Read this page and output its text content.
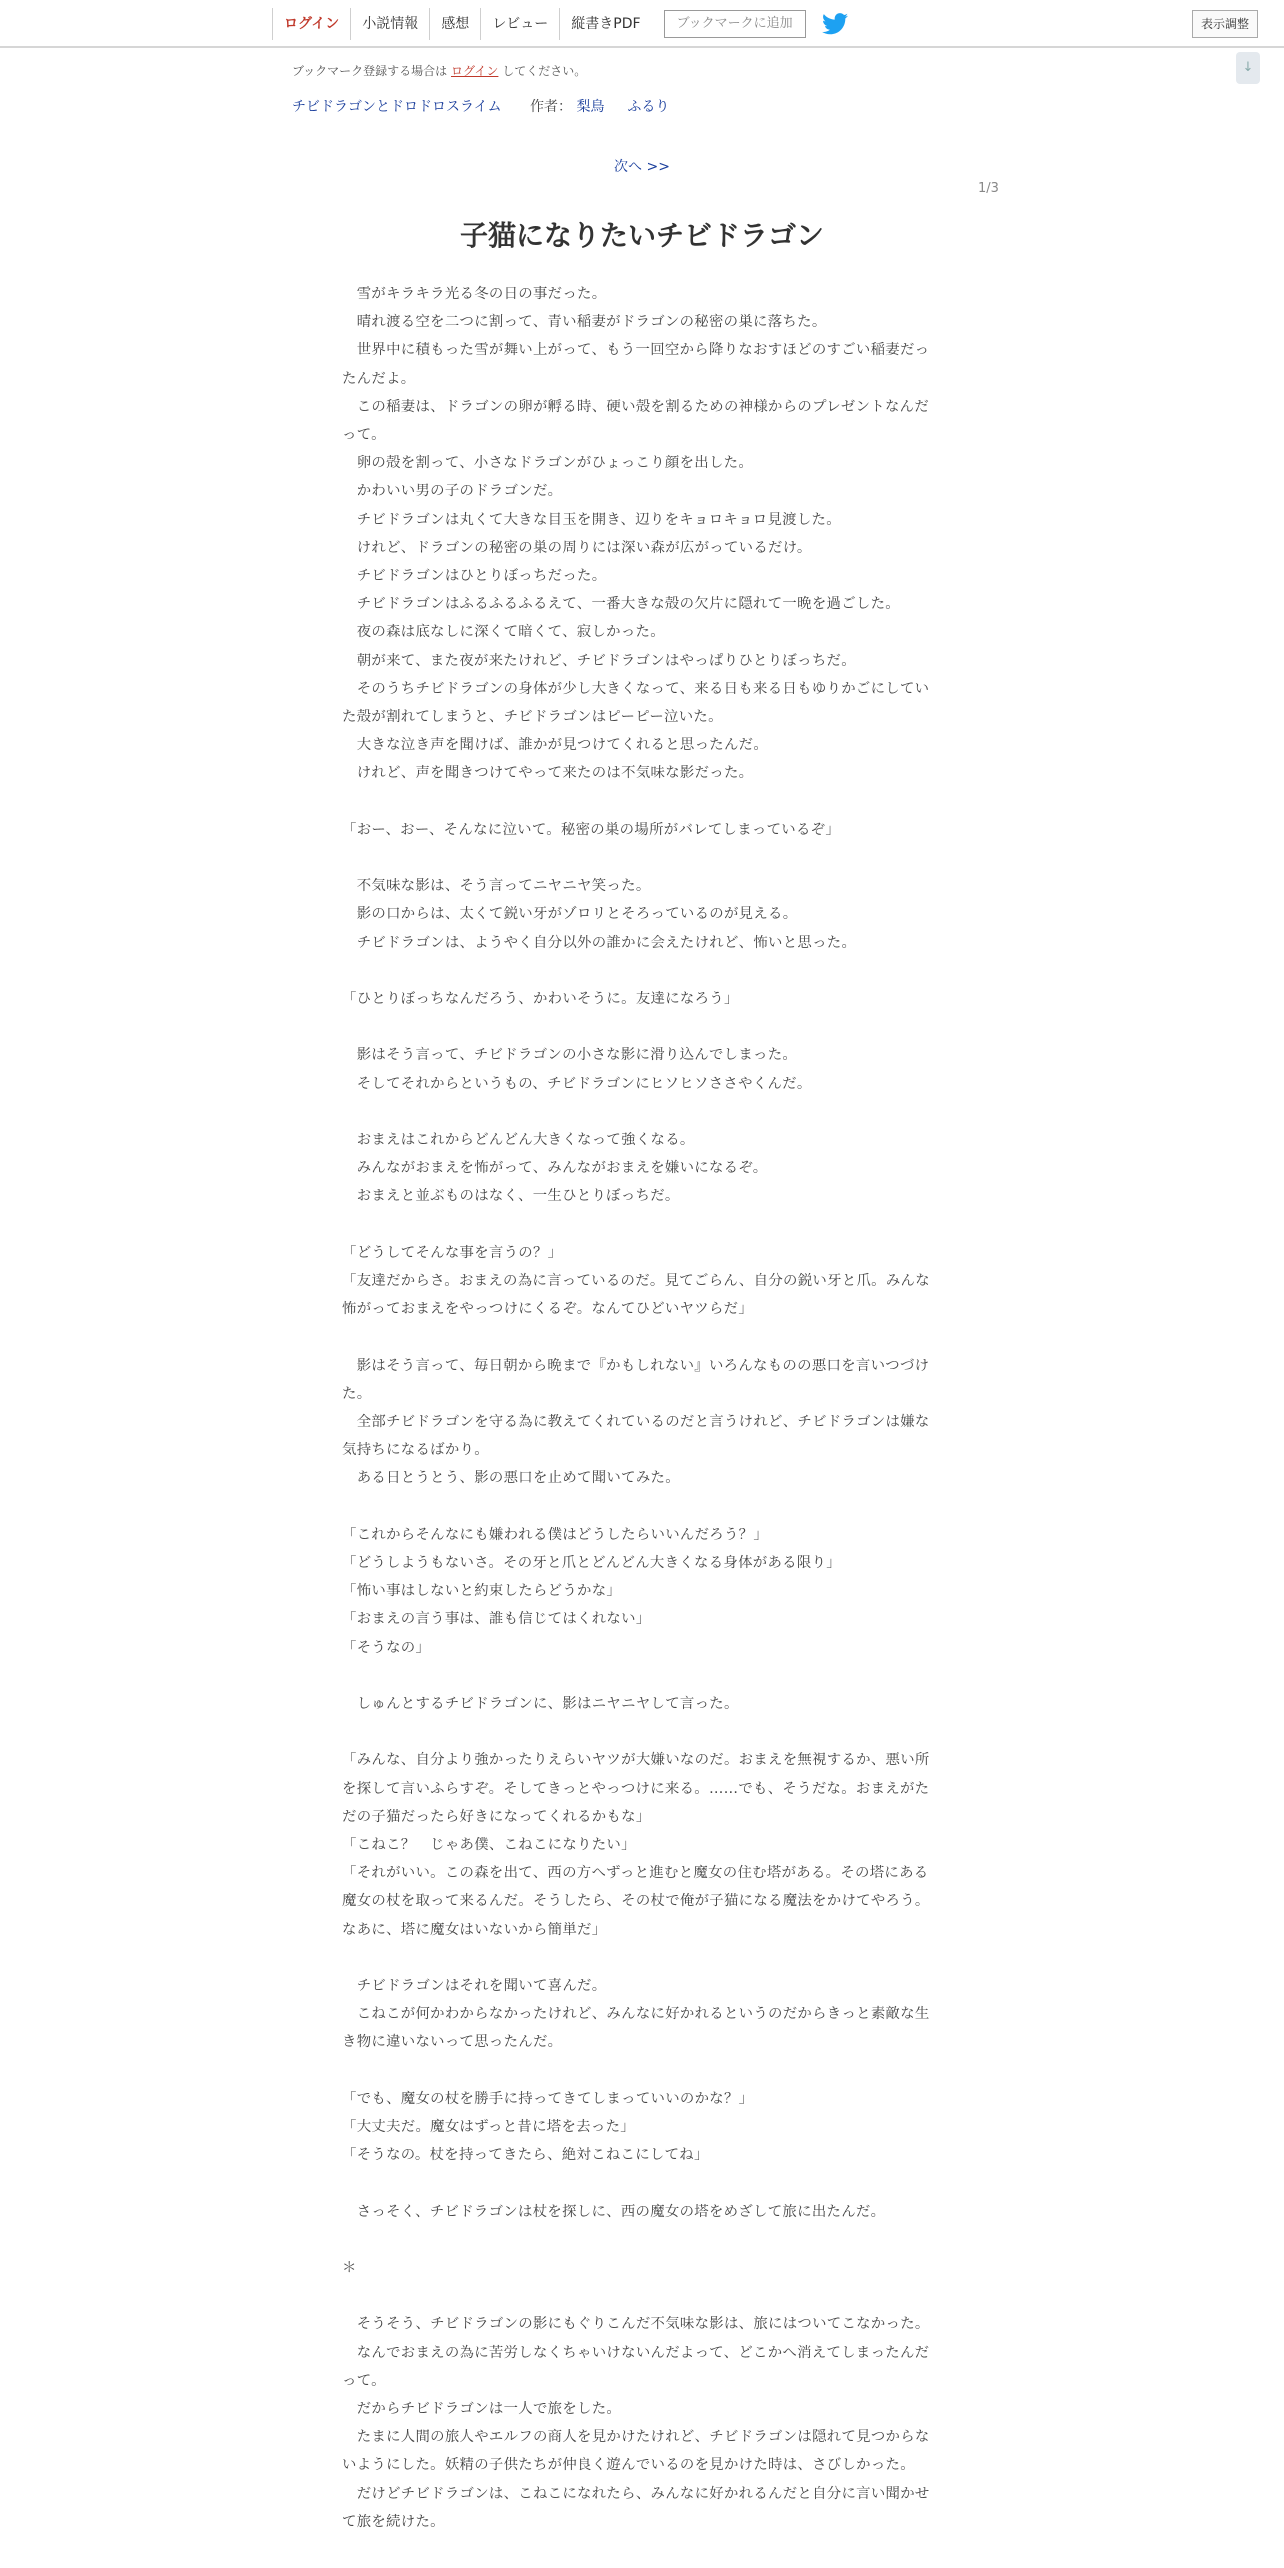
ログイン	小説情報	感想	レビュー	縦書きPDF	ブックマークに追加	表示調整
↓
ブックマーク登録する場合は ログイン してください。
チビドラゴンとドロドロスライム 作者： 梨鳥 　 ふるり
次へ >>
1/3
子猫になりたいチビドラゴン

　雪がキラキラ光る冬の日の事だった。

　晴れ渡る空を二つに割って、青い稲妻がドラゴンの秘密の巣に落ちた。

　世界中に積もった雪が舞い上がって、もう一回空から降りなおすほどのすごい稲妻だったんだよ。

　この稲妻は、ドラゴンの卵が孵る時、硬い殻を割るための神様からのプレゼントなんだって。

　卵の殻を割って、小さなドラゴンがひょっこり顔を出した。

　かわいい男の子のドラゴンだ。

　チビドラゴンは丸くて大きな目玉を開き、辺りをキョロキョロ見渡した。

　けれど、ドラゴンの秘密の巣の周りには深い森が広がっているだけ。

　チビドラゴンはひとりぼっちだった。

　チビドラゴンはふるふるふるえて、一番大きな殻の欠片に隠れて一晩を過ごした。

　夜の森は底なしに深くて暗くて、寂しかった。

　朝が来て、また夜が来たけれど、チビドラゴンはやっぱりひとりぼっちだ。

　そのうちチビドラゴンの身体が少し大きくなって、来る日も来る日もゆりかごにしていた殻が割れてしまうと、チビドラゴンはピーピー泣いた。

　大きな泣き声を聞けば、誰かが見つけてくれると思ったんだ。

　けれど、声を聞きつけてやって来たのは不気味な影だった。

「おー、おー、そんなに泣いて。秘密の巣の場所がバレてしまっているぞ」

　不気味な影は、そう言ってニヤニヤ笑った。

　影の口からは、太くて鋭い牙がゾロリとそろっているのが見える。

　チビドラゴンは、ようやく自分以外の誰かに会えたけれど、怖いと思った。

「ひとりぼっちなんだろう、かわいそうに。友達になろう」

　影はそう言って、チビドラゴンの小さな影に滑り込んでしまった。

　そしてそれからというもの、チビドラゴンにヒソヒソささやくんだ。

　おまえはこれからどんどん大きくなって強くなる。

　みんながおまえを怖がって、みんながおまえを嫌いになるぞ。

　おまえと並ぶものはなく、一生ひとりぼっちだ。

「どうしてそんな事を言うの？」

「友達だからさ。おまえの為に言っているのだ。見てごらん、自分の鋭い牙と爪。みんな怖がっておまえをやっつけにくるぞ。なんてひどいヤツらだ」

　影はそう言って、毎日朝から晩まで『かもしれない』いろんなものの悪口を言いつづけた。

　全部チビドラゴンを守る為に教えてくれているのだと言うけれど、チビドラゴンは嫌な気持ちになるばかり。

　ある日とうとう、影の悪口を止めて聞いてみた。

「これからそんなにも嫌われる僕はどうしたらいいんだろう？」

「どうしようもないさ。その牙と爪とどんどん大きくなる身体がある限り」

「怖い事はしないと約束したらどうかな」

「おまえの言う事は、誰も信じてはくれない」

「そうなの」

　しゅんとするチビドラゴンに、影はニヤニヤして言った。

「みんな、自分より強かったりえらいヤツが大嫌いなのだ。おまえを無視するか、悪い所を探して言いふらすぞ。そしてきっとやっつけに来る。……でも、そうだな。おまえがただの子猫だったら好きになってくれるかもな」

「こねこ？　じゃあ僕、こねこになりたい」

「それがいい。この森を出て、西の方へずっと進むと魔女の住む塔がある。その塔にある魔女の杖を取って来るんだ。そうしたら、その杖で俺が子猫になる魔法をかけてやろう。なあに、塔に魔女はいないから簡単だ」

　チビドラゴンはそれを聞いて喜んだ。

　こねこが何かわからなかったけれど、みんなに好かれるというのだからきっと素敵な生き物に違いないって思ったんだ。

「でも、魔女の杖を勝手に持ってきてしまっていいのかな？」

「大丈夫だ。魔女はずっと昔に塔を去った」

「そうなの。杖を持ってきたら、絶対こねこにしてね」

　さっそく、チビドラゴンは杖を探しに、西の魔女の塔をめざして旅に出たんだ。

＊

　そうそう、チビドラゴンの影にもぐりこんだ不気味な影は、旅にはついてこなかった。

　なんでおまえの為に苦労しなくちゃいけないんだよって、どこかへ消えてしまったんだって。

　だからチビドラゴンは一人で旅をした。

　たまに人間の旅人やエルフの商人を見かけたけれど、チビドラゴンは隠れて見つからないようにした。妖精の子供たちが仲良く遊んでいるのを見かけた時は、さびしかった。

　だけどチビドラゴンは、こねこになれたら、みんなに好かれるんだと自分に言い聞かせて旅を続けた。
